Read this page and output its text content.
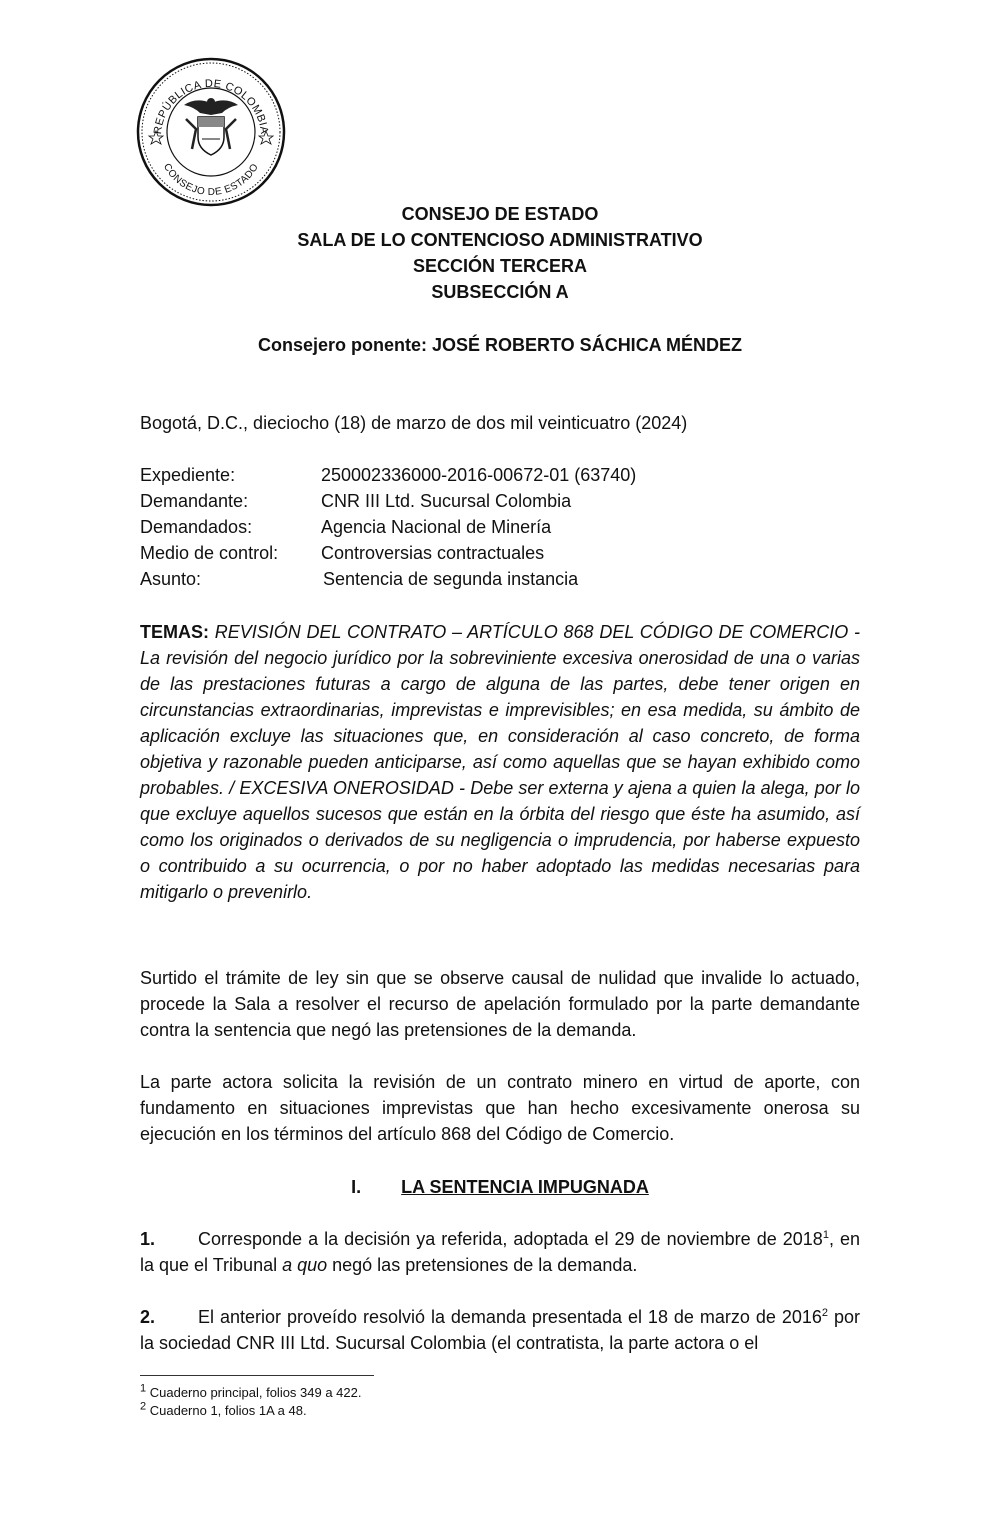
REPÚBLICA DE COLOMBIA
CONSEJO DE ESTADO
CONSEJO DE ESTADO
SALA DE LO CONTENCIOSO ADMINISTRATIVO
SECCIÓN TERCERA
SUBSECCIÓN A
Consejero ponente: JOSÉ ROBERTO SÁCHICA MÉNDEZ
Bogotá, D.C., dieciocho (18) de marzo de dos mil veinticuatro (2024)
Expediente:	250002336000-2016-00672-01 (63740)
Demandante:	CNR III Ltd. Sucursal Colombia
Demandados:	Agencia Nacional de Minería
Medio de control: Controversias contractuales
Asunto:	Sentencia de segunda instancia
TEMAS: REVISIÓN DEL CONTRATO – ARTÍCULO 868 DEL CÓDIGO DE COMERCIO - La revisión del negocio jurídico por la sobreviniente excesiva onerosidad de una o varias de las prestaciones futuras a cargo de alguna de las partes, debe tener origen en circunstancias extraordinarias, imprevistas e imprevisibles; en esa medida, su ámbito de aplicación excluye las situaciones que, en consideración al caso concreto, de forma objetiva y razonable pueden anticiparse, así como aquellas que se hayan exhibido como probables. / EXCESIVA ONEROSIDAD - Debe ser externa y ajena a quien la alega, por lo que excluye aquellos sucesos que están en la órbita del riesgo que éste ha asumido, así como los originados o derivados de su negligencia o imprudencia, por haberse expuesto o contribuido a su ocurrencia, o por no haber adoptado las medidas necesarias para mitigarlo o prevenirlo.
Surtido el trámite de ley sin que se observe causal de nulidad que invalide lo actuado, procede la Sala a resolver el recurso de apelación formulado por la parte demandante contra la sentencia que negó las pretensiones de la demanda.
La parte actora solicita la revisión de un contrato minero en virtud de aporte, con fundamento en situaciones imprevistas que han hecho excesivamente onerosa su ejecución en los términos del artículo 868 del Código de Comercio.
I. LA SENTENCIA IMPUGNADA
1. Corresponde a la decisión ya referida, adoptada el 29 de noviembre de 2018$^1$, en la que el Tribunal a quo negó las pretensiones de la demanda.
2. El anterior proveído resolvió la demanda presentada el 18 de marzo de 2016$^2$ por la sociedad CNR III Ltd. Sucursal Colombia (el contratista, la parte actora o el
$^1$ Cuaderno principal, folios 349 a 422.
$^2$ Cuaderno 1, folios 1A a 48.
